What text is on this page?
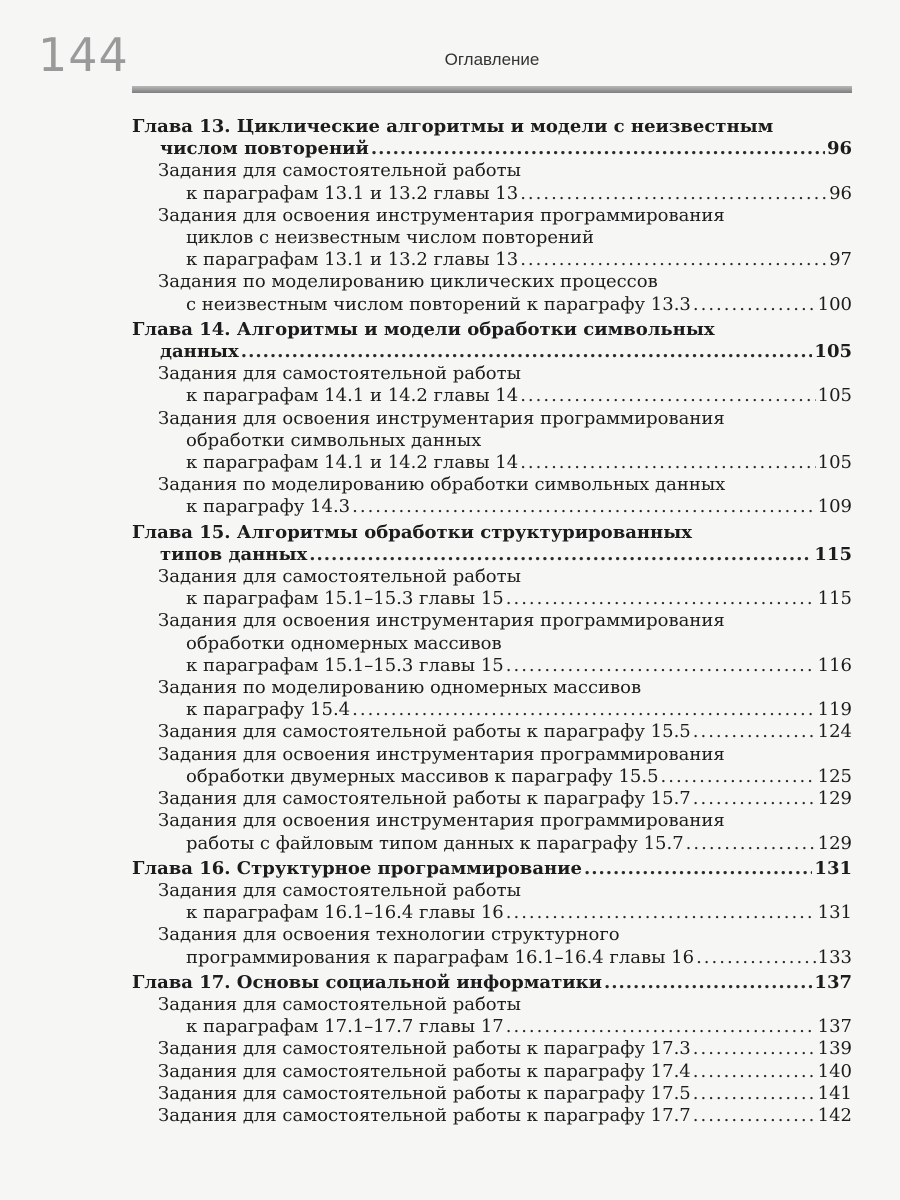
144	Оглавление
Глава 13. Циклические алгоритмы и модели с неизвестным
числом повторений .....	96
Задания для самостоятельной работы
к параграфам 13.1 и 13.2 главы 13 .....	96
Задания для освоения инструментария программирования
циклов с неизвестным числом повторений
к параграфам 13.1 и 13.2 главы 13 .....	97
Задания по моделированию циклических процессов
с неизвестным числом повторений к параграфу 13.3 .....	100
Глава 14. Алгоритмы и модели обработки символьных
данных .....	105
Задания для самостоятельной работы
к параграфам 14.1 и 14.2 главы 14 .....	105
Задания для освоения инструментария программирования
обработки символьных данных
к параграфам 14.1 и 14.2 главы 14 .....	105
Задания по моделированию обработки символьных данных
к параграфу 14.3 .....	109
Глава 15. Алгоритмы обработки структурированных
типов данных .....	115
Задания для самостоятельной работы
к параграфам 15.1–15.3 главы 15 .....	115
Задания для освоения инструментария программирования
обработки одномерных массивов
к параграфам 15.1–15.3 главы 15 .....	116
Задания по моделированию одномерных массивов
к параграфу 15.4 .....	119
Задания для самостоятельной работы к параграфу 15.5 .....	124
Задания для освоения инструментария программирования
обработки двумерных массивов к параграфу 15.5 .....	125
Задания для самостоятельной работы к параграфу 15.7 .....	129
Задания для освоения инструментария программирования
работы с файловым типом данных к параграфу 15.7 .....	129
Глава 16. Структурное программирование .....	131
Задания для самостоятельной работы
к параграфам 16.1–16.4 главы 16 .....	131
Задания для освоения технологии структурного
программирования к параграфам 16.1–16.4 главы 16 .....	133
Глава 17. Основы социальной информатики .....	137
Задания для самостоятельной работы
к параграфам 17.1–17.7 главы 17 .....	137
Задания для самостоятельной работы к параграфу 17.3 .....	139
Задания для самостоятельной работы к параграфу 17.4 .....	140
Задания для самостоятельной работы к параграфу 17.5 .....	141
Задания для самостоятельной работы к параграфу 17.7 .....	142
